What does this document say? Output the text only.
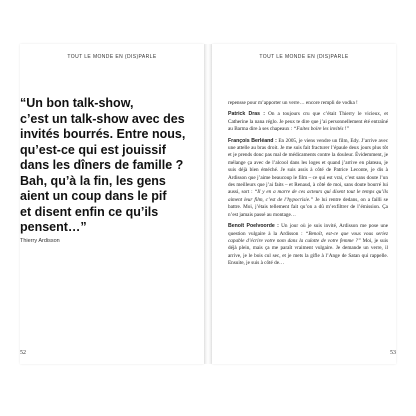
TOUT LE MONDE EN (DIS)PARLE
“Un bon talk-show,
c’est un talk-show avec des
invités bourrés. Entre nous,
qu’est-ce qui est jouissif
dans les dîners de famille ?
Bah, qu’à la fin, les gens
aient un coup dans le pif
et disent enfin ce qu’ils
pensent…”
Thierry Ardisson
52
TOUT LE MONDE EN (DIS)PARLE

repensse pour m’apporter un verre… encore rempli de vodka !

Patrick Dras : On a toujours cru que c’était Thierry le vicieux, et Catherine la nana réglo. Je peux te dire que j’ai personnellement été entraîné au Barma dire à ses chapeaux : “Faites boire les invités !”

François Berléand : En 2005, je viens vendre un film, Edy. J’arrive avec une attelle au bras droit. Je me suis fait fracturer l’épaule deux jours plus tôt et je prends donc pas mal de médicaments contre la douleur. Évidemment, je mélange ça avec de l’alcool dans les loges et quand j’arrive en plateau, je suis déjà bien éméché. Je suis assis à côté de Patrice Leconte, je dis à Ardisson que j’aime beaucoup le film – ce qui est vrai, c’est sans doute l’un des meilleurs que j’ai faits – et Renaud, à côté de moi, sans doute bourré lui aussi, sort : “Il y en a marre de ces acteurs qui disent tout le temps qu’ils aiment leur film, c’est de l’hypocrisie.” Je lui rentre dedans, on a failli se battre. Moi, j’étais tellement fait qu’on a dû m’exfiltrer de l’émission. Ça n’est jamais passé au montage…

Benoît Poelvoorde : Un jour où je suis invité, Ardisson me pose une question vulgaire à la Ardisson : “Benoît, est-ce que vous vous seriez capable d’écrire votre nom dans la culotte de votre femme ?” Moi, je suis déjà plein, mais ça me paraît vraiment vulgaire. Je demande un verre, il arrive, je le bois cul sec, et je mets la gifle à l’Ange de Satan qui rappelle. Ensuite, je suis à côté de…

53
